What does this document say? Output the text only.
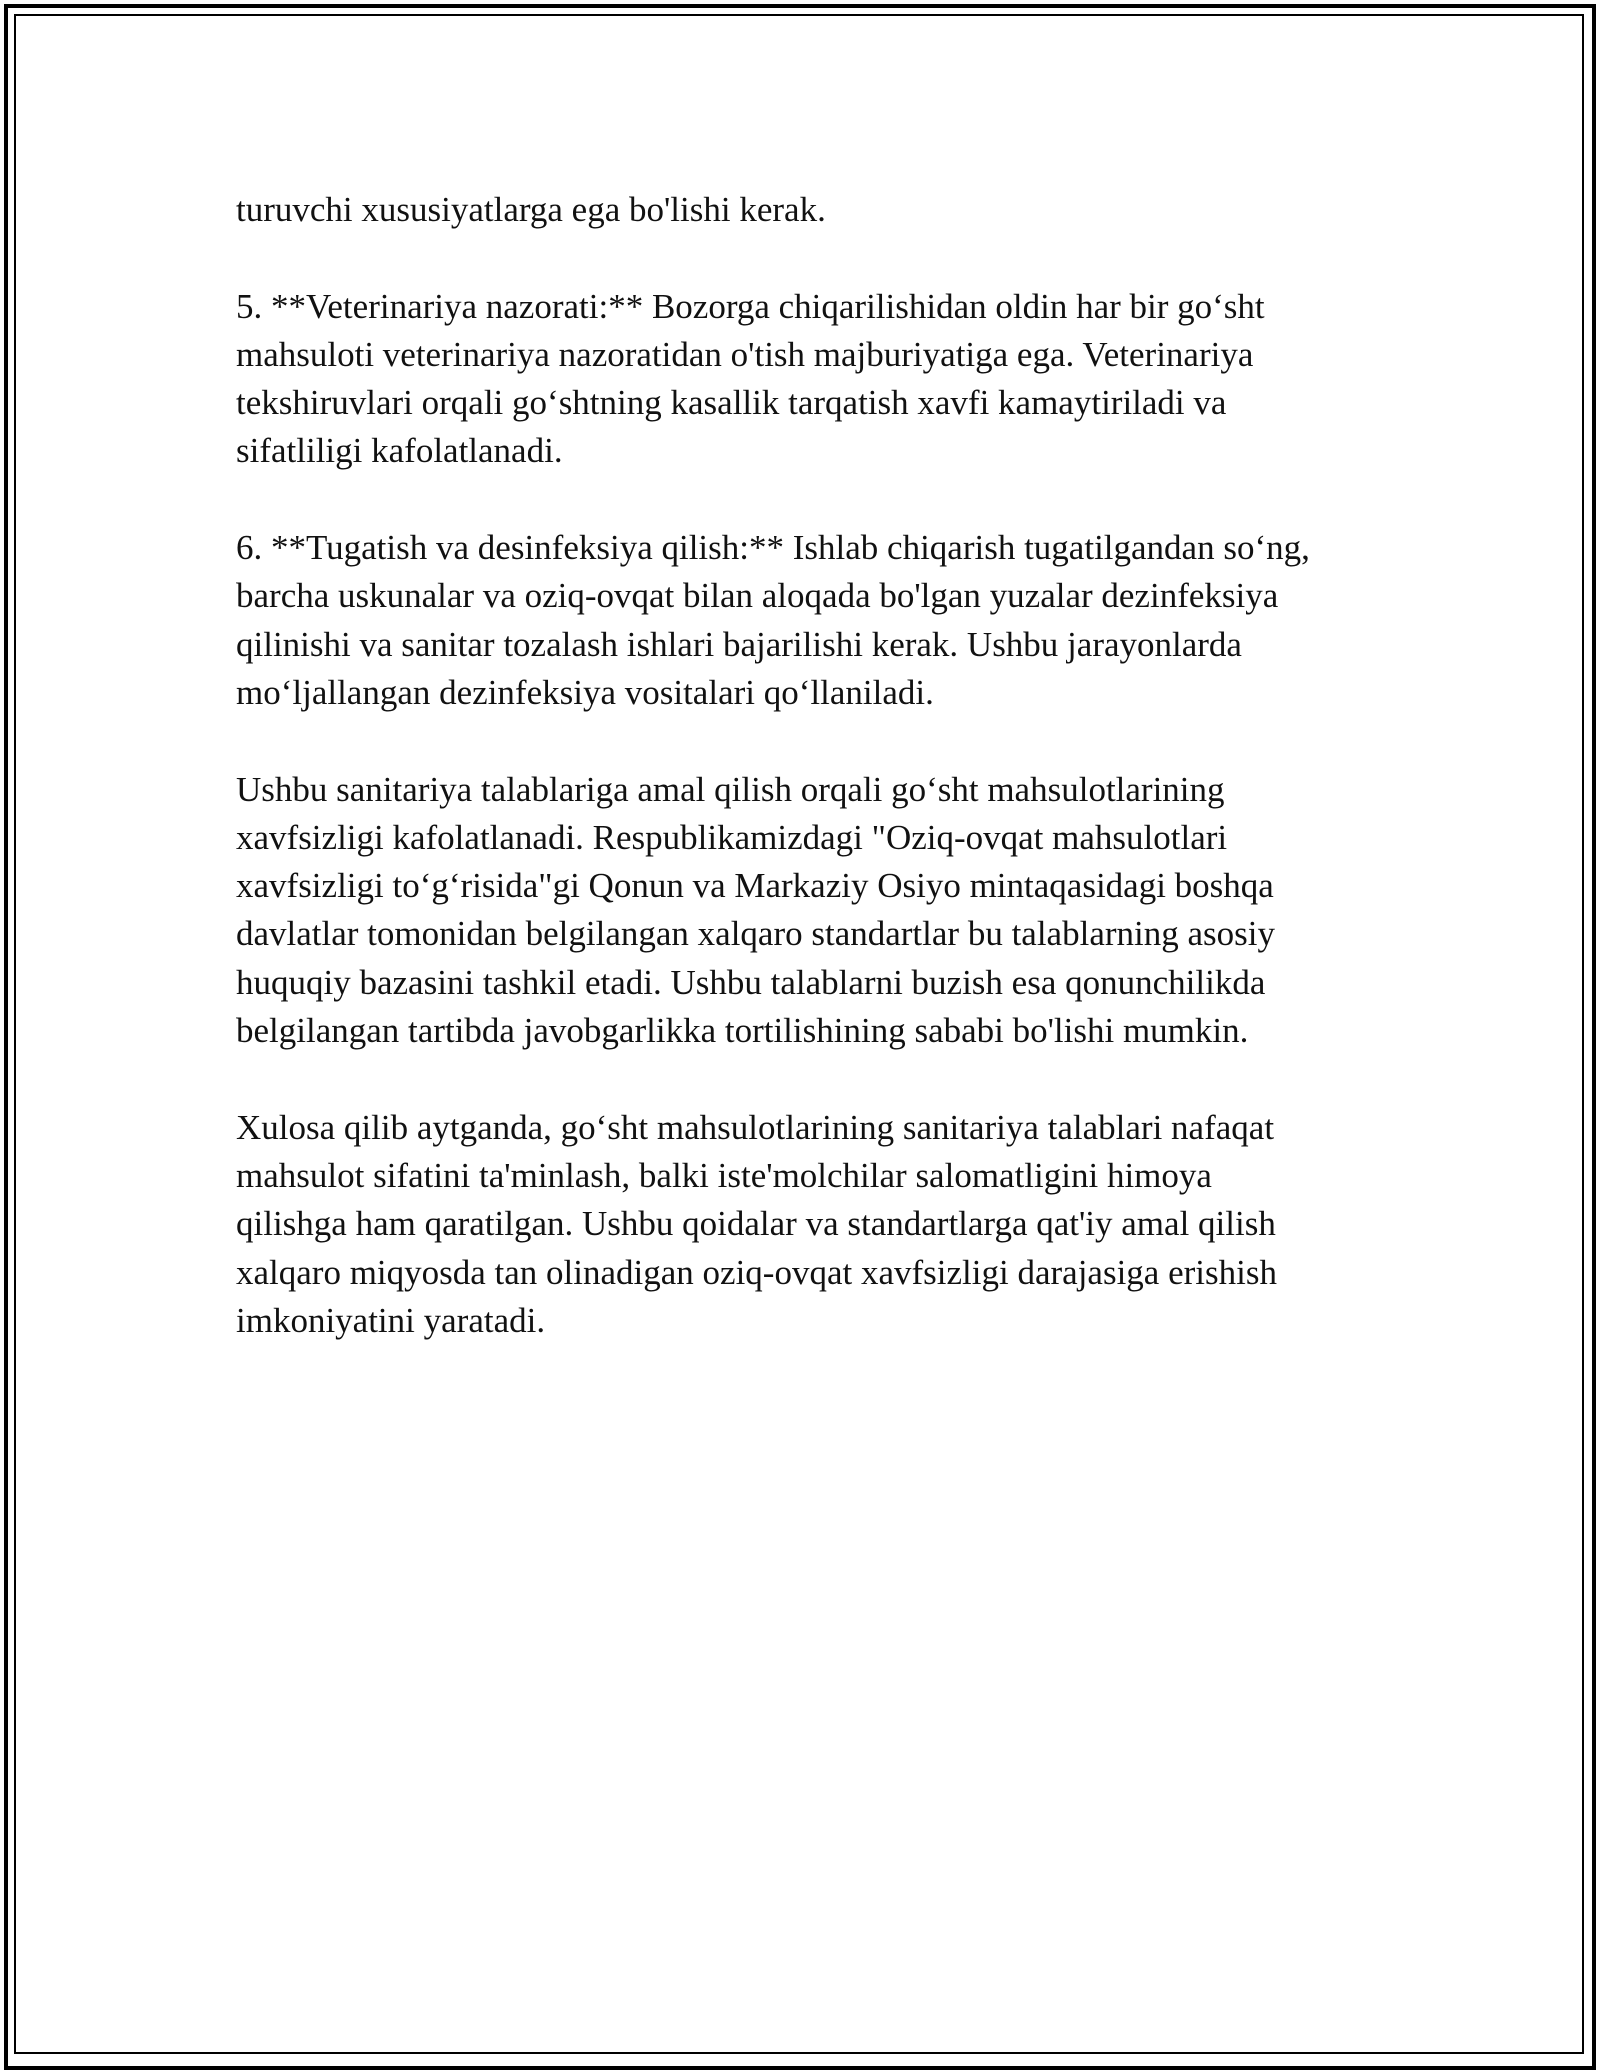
turuvchi xususiyatlarga ega bo'lishi kerak.

5. **Veterinariya nazorati:** Bozorga chiqarilishidan oldin har bir go‘sht
mahsuloti veterinariya nazoratidan o'tish majburiyatiga ega. Veterinariya
tekshiruvlari orqali go‘shtning kasallik tarqatish xavfi kamaytiriladi va
sifatliligi kafolatlanadi.

6. **Tugatish va desinfeksiya qilish:** Ishlab chiqarish tugatilgandan so‘ng,
barcha uskunalar va oziq-ovqat bilan aloqada bo'lgan yuzalar dezinfeksiya
qilinishi va sanitar tozalash ishlari bajarilishi kerak. Ushbu jarayonlarda
mo‘ljallangan dezinfeksiya vositalari qo‘llaniladi.

Ushbu sanitariya talablariga amal qilish orqali go‘sht mahsulotlarining
xavfsizligi kafolatlanadi. Respublikamizdagi "Oziq-ovqat mahsulotlari
xavfsizligi to‘g‘risida"gi Qonun va Markaziy Osiyo mintaqasidagi boshqa
davlatlar tomonidan belgilangan xalqaro standartlar bu talablarning asosiy
huquqiy bazasini tashkil etadi. Ushbu talablarni buzish esa qonunchilikda
belgilangan tartibda javobgarlikka tortilishining sababi bo'lishi mumkin.

Xulosa qilib aytganda, go‘sht mahsulotlarining sanitariya talablari nafaqat
mahsulot sifatini ta'minlash, balki iste'molchilar salomatligini himoya
qilishga ham qaratilgan. Ushbu qoidalar va standartlarga qat'iy amal qilish
xalqaro miqyosda tan olinadigan oziq-ovqat xavfsizligi darajasiga erishish
imkoniyatini yaratadi.
